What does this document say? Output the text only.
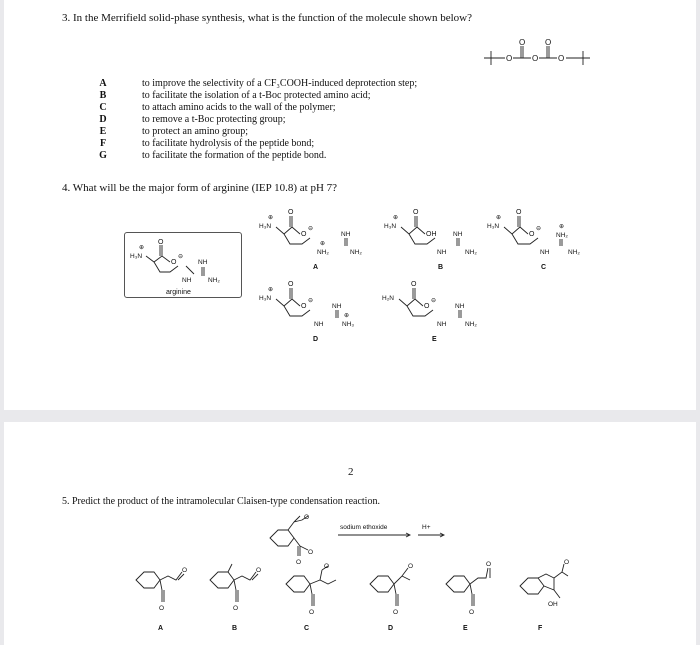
3. In the Merrifield solid-phase synthesis, what is the function of the molecule shown below?
O
O
O
O
O
A	to improve the selectivity of a CF₃COOH-induced deprotection step;
B	to facilitate the isolation of a t-Boc protected amino acid;
C	to attach amino acids to the wall of the polymer;
D	to remove a t-Boc protecting group;
E	to protect an amino group;
F	to facilitate hydrolysis of the peptide bond;
G	to facilitate the formation of the peptide bond.
4. What will be the major form of arginine (IEP 10.8) at pH 7?
H₃N
⊕
O
O
⊖
NH
NH	NH₂
arginine
H₃N
⊕
O
O
⊖
NH
NH₂
⊕
NH₂
A
H₃N
⊕
O
OH	NH
NH	NH₂
B
H₃N
⊕
O
O
⊖
NH₂
⊕
NH	NH₂
C
H₃N
⊕
O
O
⊖
NH
NH	NH₃
⊕
D
H₂N
O
O
⊖
NH
NH	NH₂
E
2
5. Predict the product of the intramolecular Claisen-type condensation reaction.
O
O
O
sodium ethoxide	H+
O
O
A
O
O
B
O
O
C
O
O
D
O
O
E
O
OH
F
